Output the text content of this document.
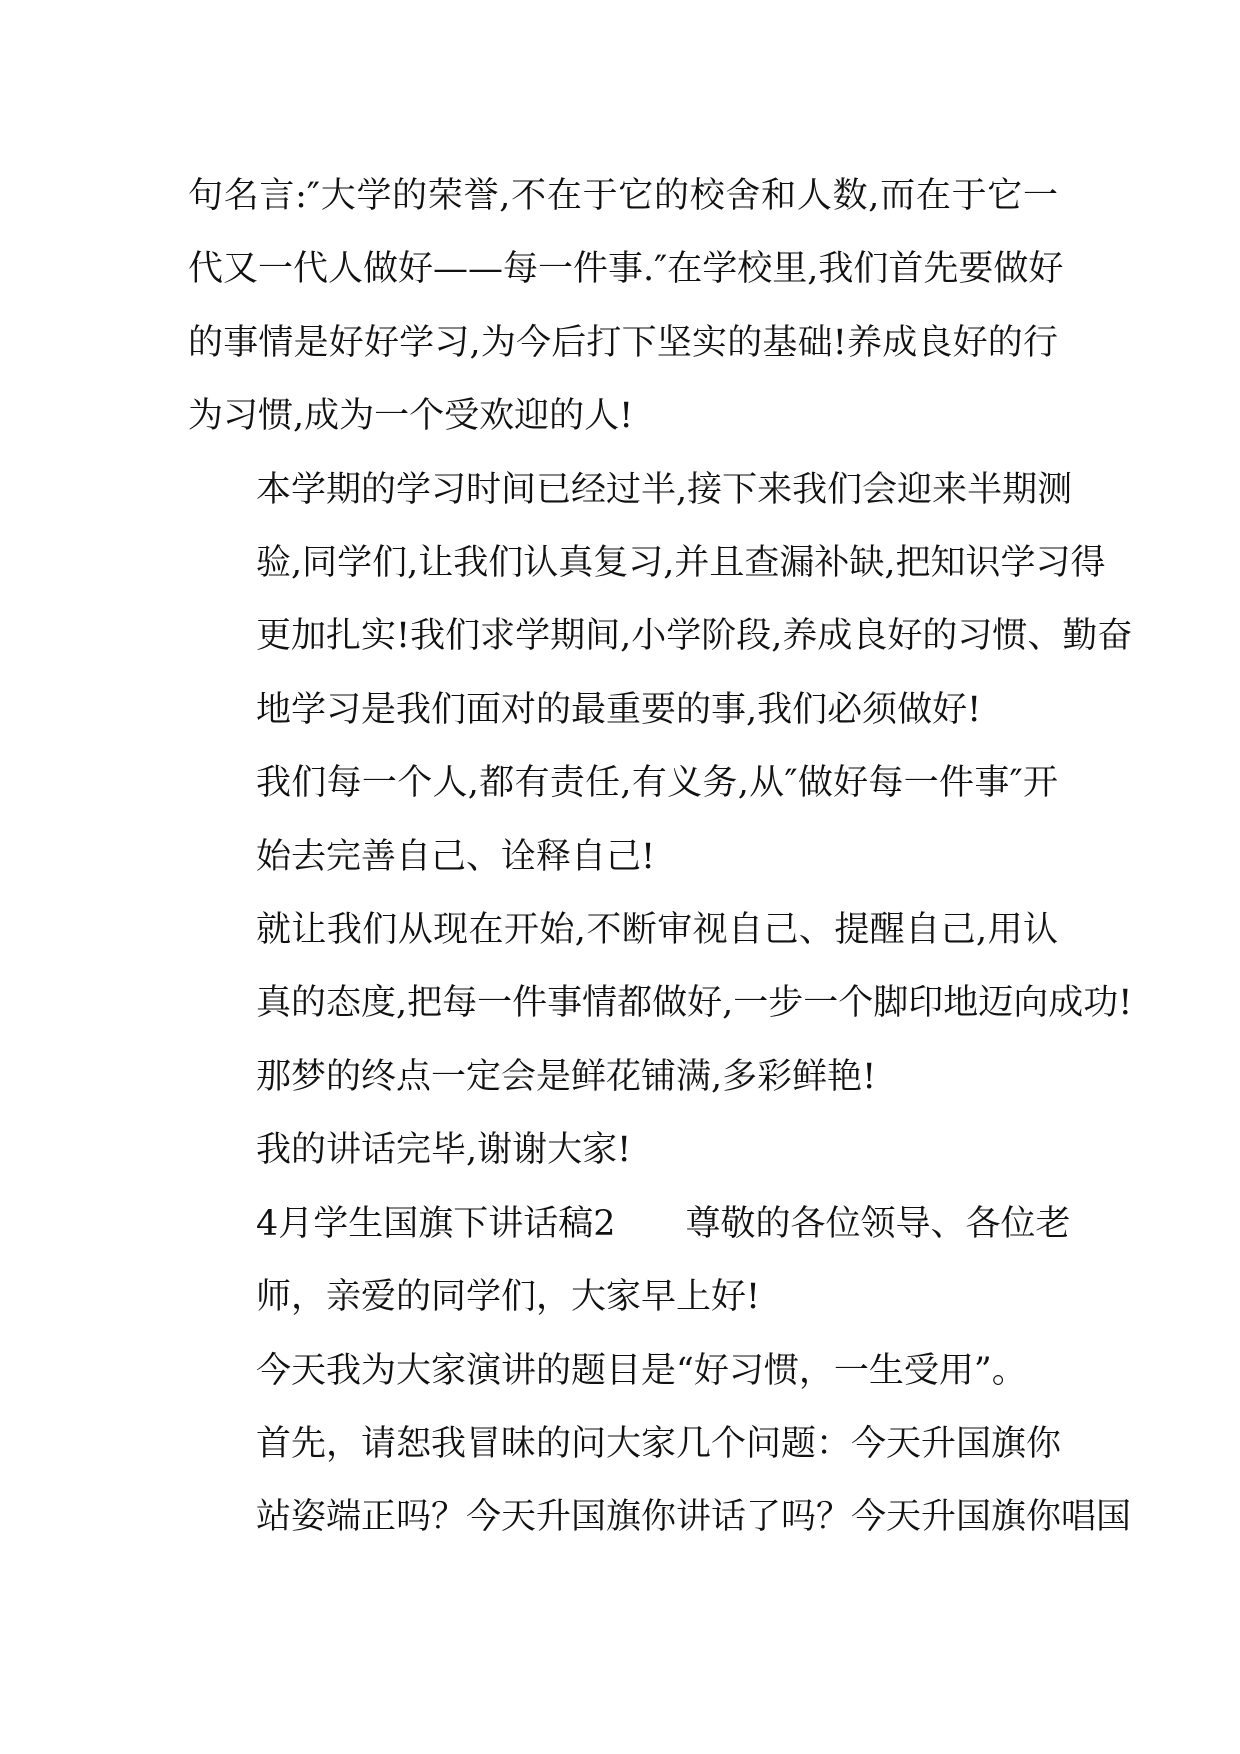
句名言:″大学的荣誉,不在于它的校舍和人数,而在于它一
代又一代人做好——每一件事.″在学校里,我们首先要做好
的事情是好好学习,为今后打下坚实的基础!养成良好的行
为习惯,成为一个受欢迎的人!

本学期的学习时间已经过半,接下来我们会迎来半期测
验,同学们,让我们认真复习,并且查漏补缺,把知识学习得
更加扎实!我们求学期间,小学阶段,养成良好的习惯、勤奋
地学习是我们面对的最重要的事,我们必须做好!

我们每一个人,都有责任,有义务,从″做好每一件事″开
始去完善自己、诠释自己!

就让我们从现在开始,不断审视自己、提醒自己,用认
真的态度,把每一件事情都做好,一步一个脚印地迈向成功!
那梦的终点一定会是鲜花铺满,多彩鲜艳!

我的讲话完毕,谢谢大家!

4月学生国旗下讲话稿2　　尊敬的各位领导、各位老
师，亲爱的同学们，大家早上好!

今天我为大家演讲的题目是“好习惯，一生受用”。

首先，请恕我冒昧的问大家几个问题：今天升国旗你
站姿端正吗？今天升国旗你讲话了吗？今天升国旗你唱国
